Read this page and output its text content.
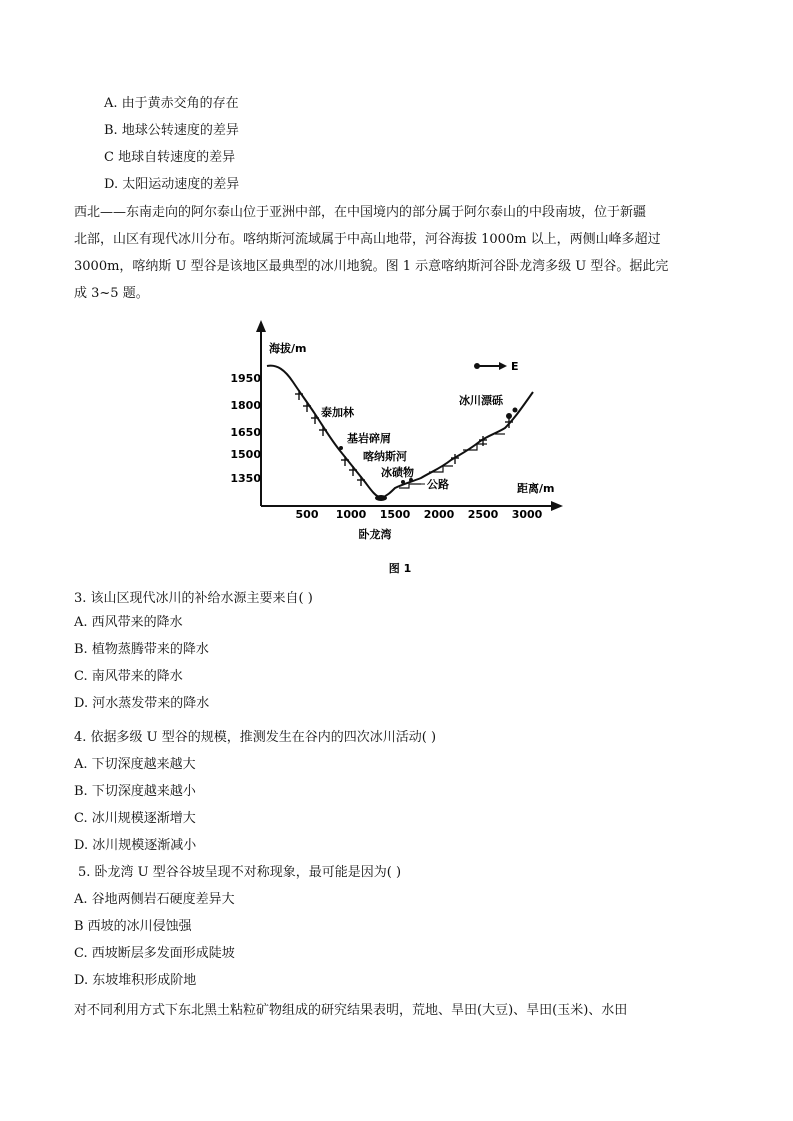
A. 由于黄赤交角的存在
B. 地球公转速度的差异
C 地球自转速度的差异
D. 太阳运动速度的差异
西北——东南走向的阿尔泰山位于亚洲中部，在中国境内的部分属于阿尔泰山的中段南坡，位于新疆
北部，山区有现代冰川分布。喀纳斯河流域属于中高山地带，河谷海拔 1000m 以上，两侧山峰多超过
3000m，喀纳斯 U 型谷是该地区最典型的冰川地貌。图 1 示意喀纳斯河谷卧龙湾多级 U 型谷。据此完
成 3~5 题。
海拔/m
距离/m
1950
1800
1650
1500
1350
500 1000 1500 2000 2500 3000
E
泰加林
基岩碎屑
喀纳斯河
冰碛物
公路
冰川漂砾
卧龙湾
图 1
3. 该山区现代冰川的补给水源主要来自( )
A. 西风带来的降水
B. 植物蒸腾带来的降水
C. 南风带来的降水
D. 河水蒸发带来的降水
4. 依据多级 U 型谷的规模，推测发生在谷内的四次冰川活动( )
A. 下切深度越来越大
B. 下切深度越来越小
C. 冰川规模逐渐增大
D. 冰川规模逐渐减小
5. 卧龙湾 U 型谷谷坡呈现不对称现象，最可能是因为( )
A. 谷地两侧岩石硬度差异大
B 西坡的冰川侵蚀强
C. 西坡断层多发面形成陡坡
D. 东坡堆积形成阶地
对不同利用方式下东北黑土粘粒矿物组成的研究结果表明，荒地、旱田(大豆)、旱田(玉米)、水田
